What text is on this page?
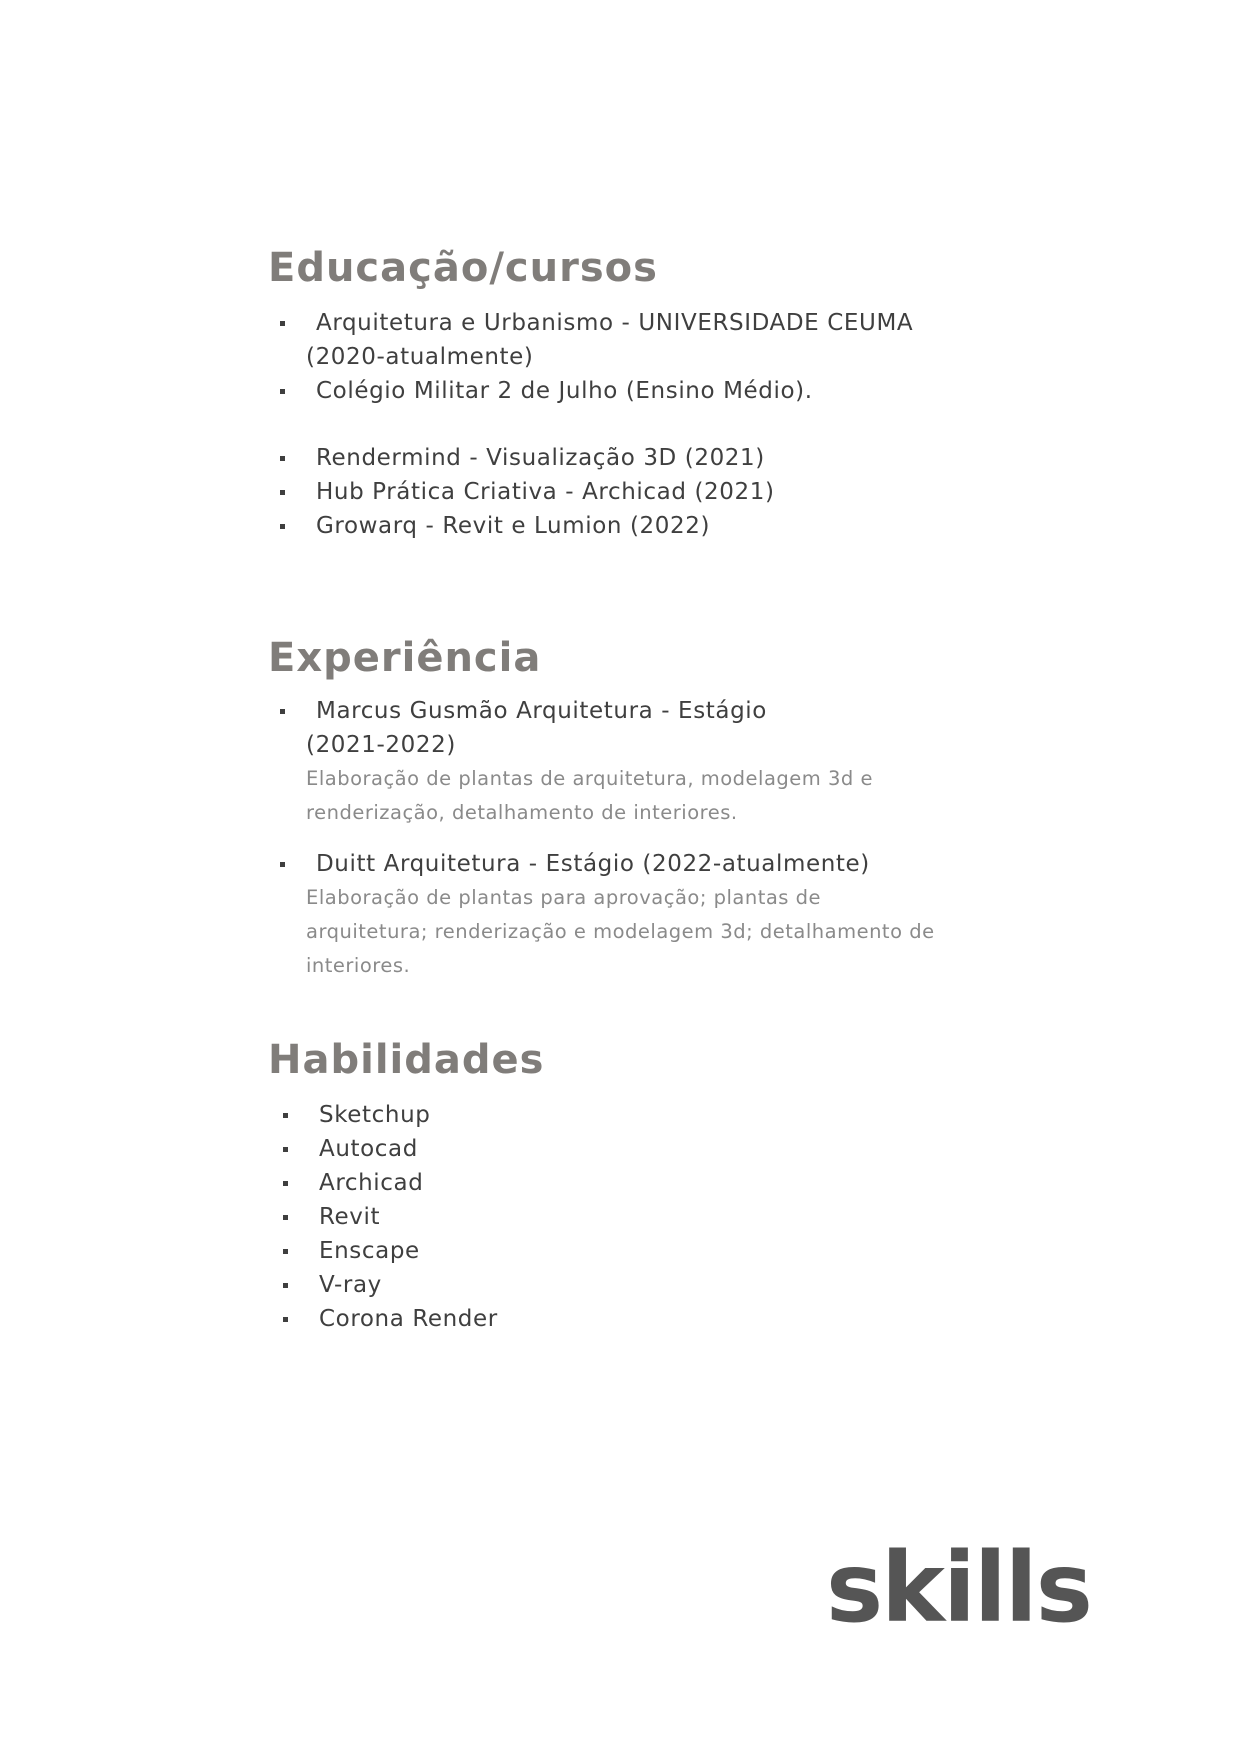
Educação/cursos
Arquitetura e Urbanismo - UNIVERSIDADE CEUMA
(2020-atualmente)
Colégio Militar 2 de Julho (Ensino Médio).
Rendermind - Visualização 3D (2021)
Hub Prática Criativa - Archicad (2021)
Growarq - Revit e Lumion (2022)
Experiência
Marcus Gusmão Arquitetura - Estágio
(2021-2022)
Elaboração de plantas de arquitetura, modelagem 3d e
renderização, detalhamento de interiores.
Duitt Arquitetura - Estágio (2022-atualmente)
Elaboração de plantas para aprovação; plantas de
arquitetura; renderização e modelagem 3d; detalhamento de
interiores.
Habilidades
Sketchup
Autocad
Archicad
Revit
Enscape
V-ray
Corona Render
skills
